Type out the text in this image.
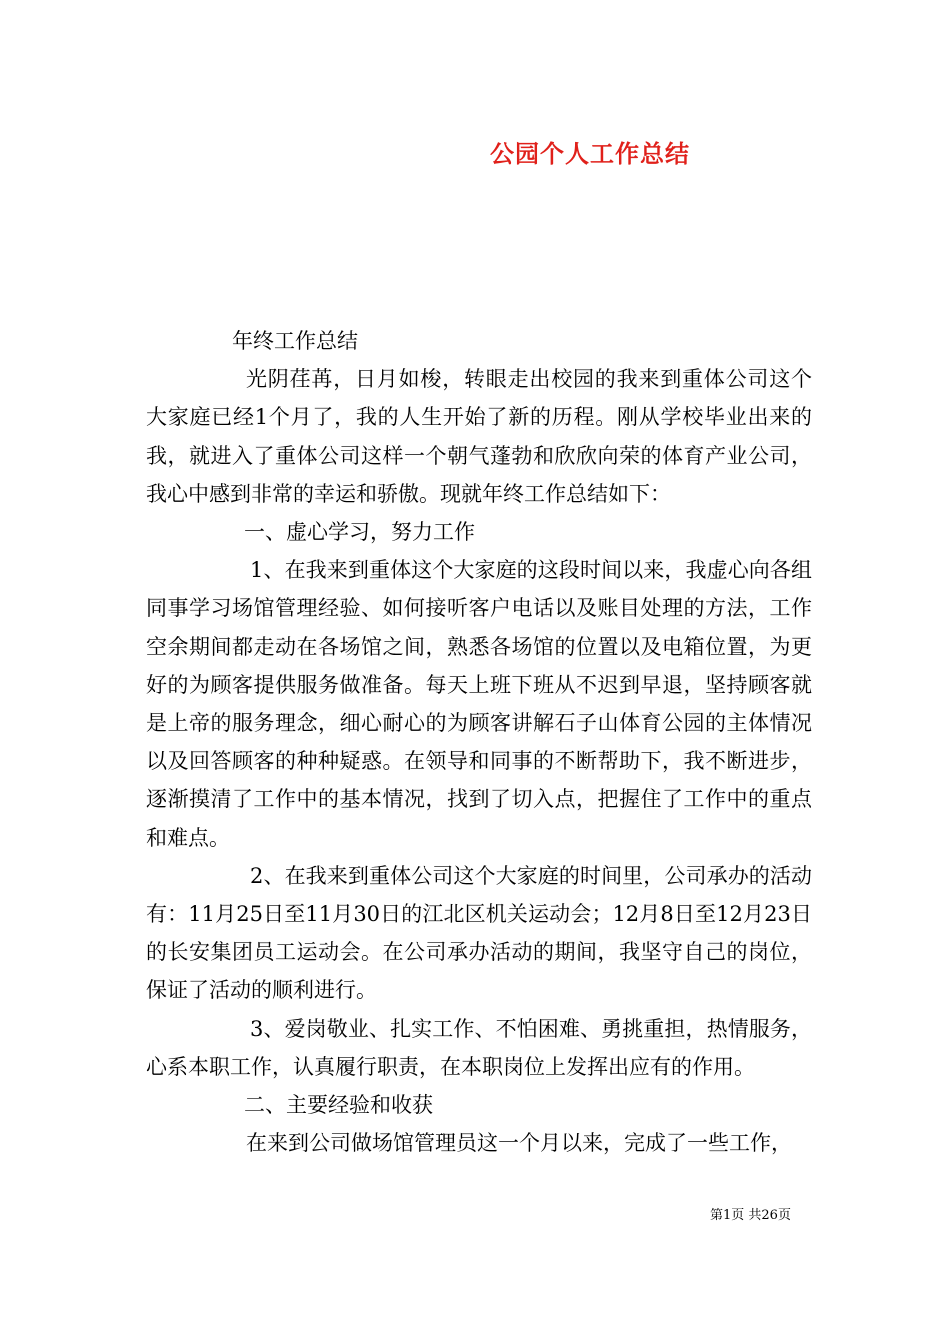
公园个人工作总结

年终工作总结

光阴荏苒，日月如梭，转眼走出校园的我来到重体公司这个大家庭已经1个月了，我的人生开始了新的历程。刚从学校毕业出来的我，就进入了重体公司这样一个朝气蓬勃和欣欣向荣的体育产业公司，我心中感到非常的幸运和骄傲。现就年终工作总结如下：

一、虚心学习，努力工作

1、在我来到重体这个大家庭的这段时间以来，我虚心向各组同事学习场馆管理经验、如何接听客户电话以及账目处理的方法，工作空余期间都走动在各场馆之间，熟悉各场馆的位置以及电箱位置，为更好的为顾客提供服务做准备。每天上班下班从不迟到早退，坚持顾客就是上帝的服务理念，细心耐心的为顾客讲解石子山体育公园的主体情况以及回答顾客的种种疑惑。在领导和同事的不断帮助下，我不断进步，逐渐摸清了工作中的基本情况，找到了切入点，把握住了工作中的重点和难点。

2、在我来到重体公司这个大家庭的时间里，公司承办的活动有：11月25日至11月30日的江北区机关运动会；12月8日至12月23日的长安集团员工运动会。在公司承办活动的期间，我坚守自己的岗位，保证了活动的顺利进行。

3、爱岗敬业、扎实工作、不怕困难、勇挑重担，热情服务，心系本职工作，认真履行职责，在本职岗位上发挥出应有的作用。

二、主要经验和收获

在来到公司做场馆管理员这一个月以来，完成了一些工作，

第1页 共26页
